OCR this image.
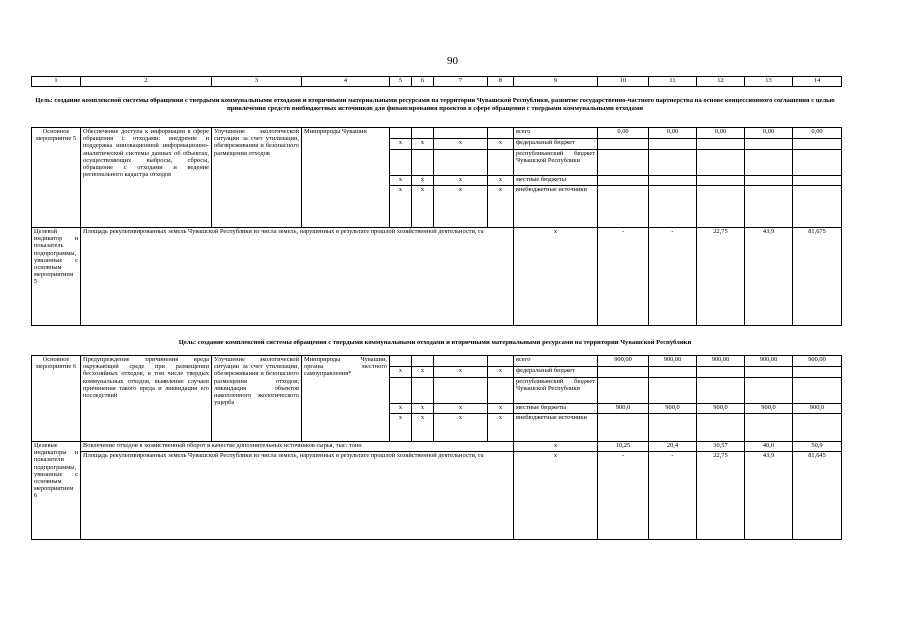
90
1	2	3	4	5	6	7	8	9	10	11	12	13	14
Цель: создание комплексной системы обращения с твердыми коммунальными отходами и вторичными материальными ресурсами на территории Чувашской Республики, развитие государственно-частного партнерства на основе концессионного соглашения с целью привлечения средств внебюджетных источников для финансирования проектов в сфере обращения с твердыми коммунальными отходами
Основное мероприятие 5	Обеспечение доступа к информации в сфере обращения с отходами: внедрение и поддержка инновационной информационно-аналитической системы данных об объектах, осуществляющих выбросы, сбросы, обращение с отходами и ведение регионального кадастра отходов	Улучшение экологической ситуации за счет утилизации, обезвреживания и безопасного размещения отходов	Минприроды Чувашии					всего	0,00	0,00	0,00	0,00	0,00
				x	x	x	x	федеральный бюджет					
								республиканский бюджет Чувашской Республики					
				x	x	x	x	местные бюджеты					
				x	x	x	x	внебюджетные источники					
Целевой индикатор и показатель подпрограммы, увязанные с основным мероприятием 5	Площадь рекультивированных земель Чувашской Республики из числа земель, нарушенных в результате прошлой хозяйственной деятельности, га							x	-	-	22,75	43,9	81,675
Цель: создание комплексной системы обращения с твердыми коммунальными отходами и вторичными материальными ресурсами на территории Чувашской Республики
Основное мероприятие 6	Предупреждение причинения вреда окружающей среде при размещении бесхозяйных отходов, в том числе твердых коммунальных отходов, выявление случаев причинения такого вреда и ликвидация его последствий	Улучшение экологической ситуации за счет утилизации, обезвреживания и безопасного размещения отходов; ликвидация объектов накопленного экологического ущерба	Минприроды Чувашии, органы местного самоуправления*					всего	900,00	900,00	900,00	900,00	900,00
				x	x	x	x	федеральный бюджет					
								республиканский бюджет Чувашской Республики					
				x	x	x	x	местные бюджеты	900,0	900,0	900,0	900,0	900,0
				x	x	x	x	внебюджетные источники					
Целевые индикаторы и показатели подпрограммы, увязанные с основным мероприятием 6	Вовлечение отходов в хозяйственный оборот в качестве дополнительных источников сырья, тыс. тонн							x	10,25	20,4	30,57	40,0	50,9
	Площадь рекультивированных земель Чувашской Республики из числа земель, нарушенных в результате прошлой хозяйственной деятельности, га							x	-	-	22,75	43,9	81,645
